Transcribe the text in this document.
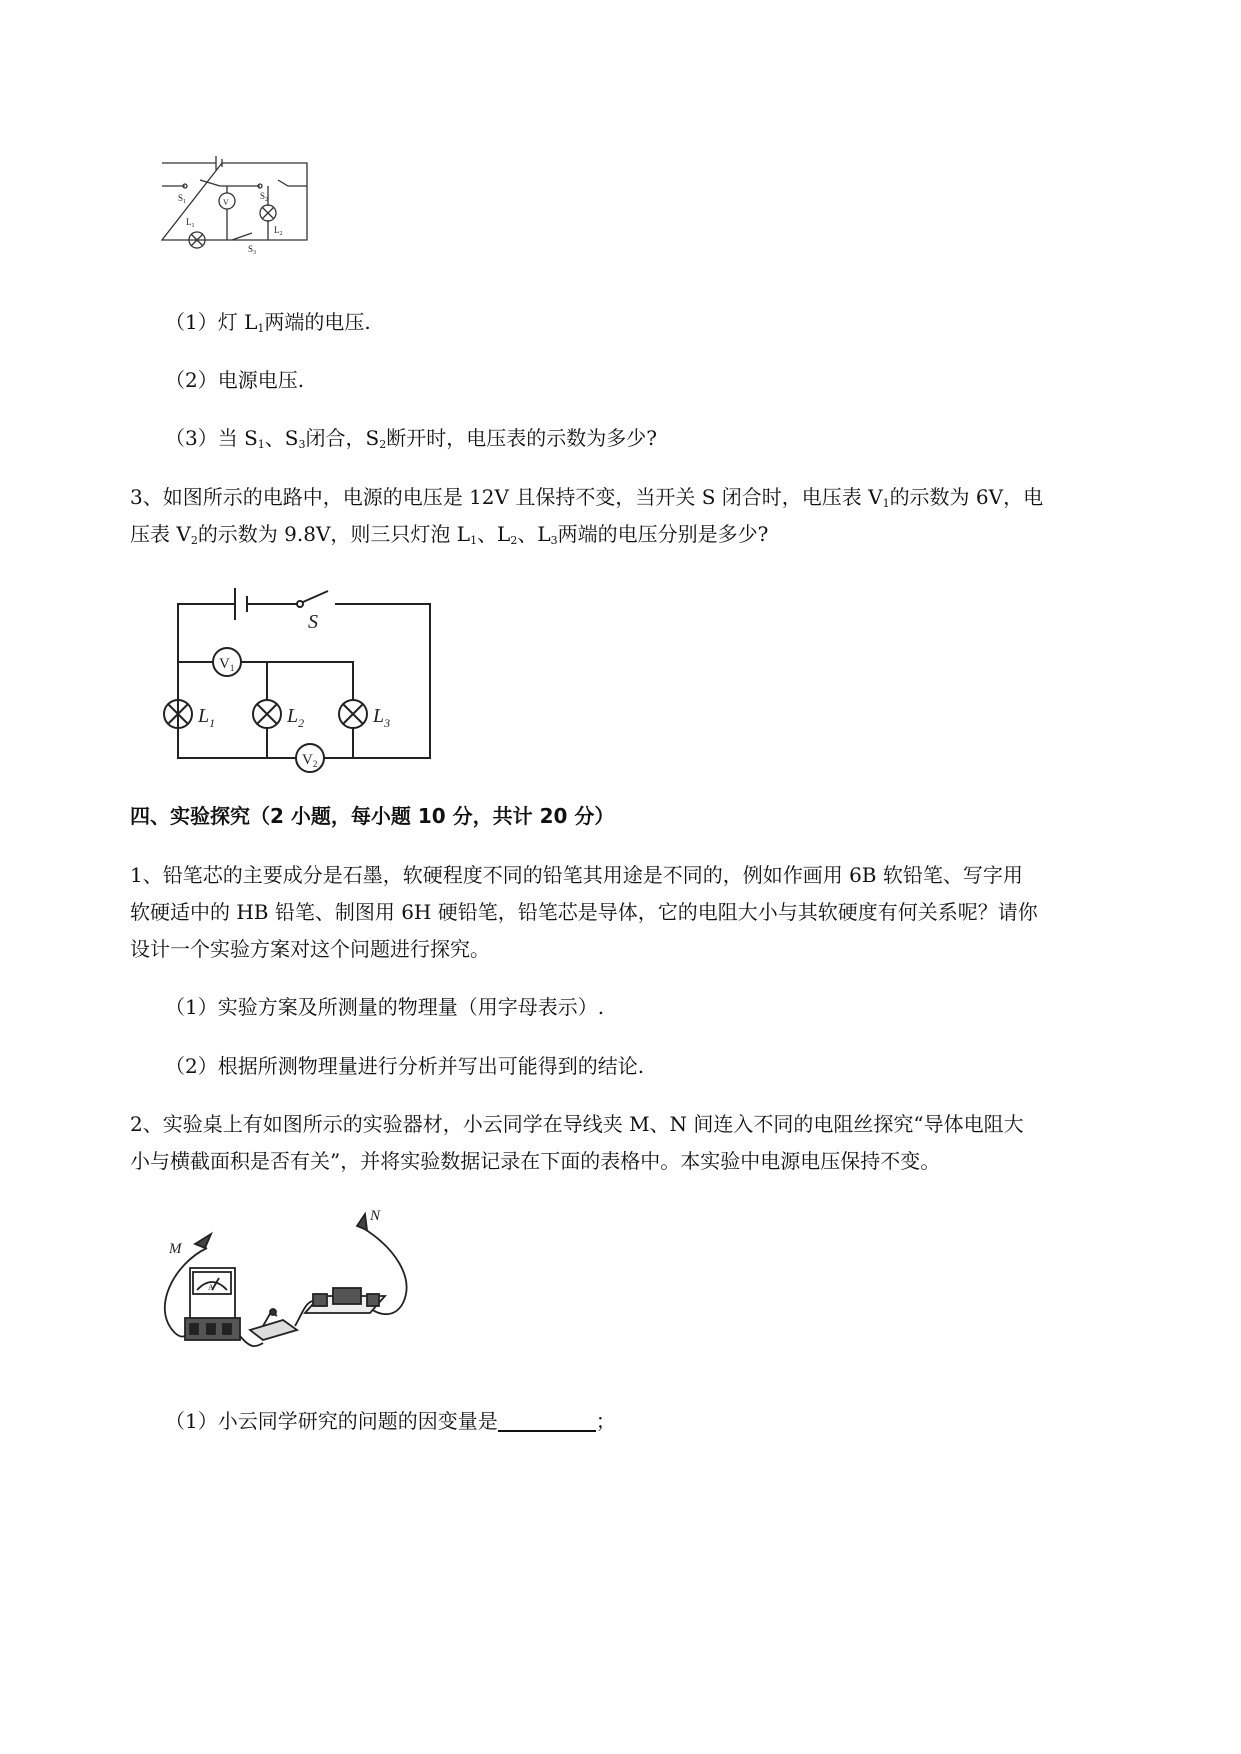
$S_1$
$S_2$
$L_1$	$L_2$
$S_3$
V
（1）灯 $L_1$两端的电压.
（2）电源电压.
（3）当 $S_1$、$S_3$闭合，$S_2$断开时，电压表的示数为多少?
3、如图所示的电路中，电源的电压是 12V 且保持不变，当开关 S 闭合时，电压表 $V_1$的示数为 6V，电
压表 $V_2$的示数为 9.8V，则三只灯泡 $L_1$、$L_2$、$L_3$两端的电压分别是多少?
S
$L_1$	$L_2$	$L_3$
$V_1$
$V_2$
四、实验探究（2 小题，每小题 10 分，共计 20 分）
1、铅笔芯的主要成分是石墨，软硬程度不同的铅笔其用途是不同的，例如作画用 6B 软铅笔、写字用
软硬适中的 HB 铅笔、制图用 6H 硬铅笔，铅笔芯是导体，它的电阻大小与其软硬度有何关系呢？请你
设计一个实验方案对这个问题进行探究。
（1）实验方案及所测量的物理量（用字母表示）.
（2）根据所测物理量进行分析并写出可能得到的结论.
2、实验桌上有如图所示的实验器材，小云同学在导线夹 M、N 间连入不同的电阻丝探究“导体电阻大
小与横截面积是否有关”，并将实验数据记录在下面的表格中。本实验中电源电压保持不变。
M
N
A
（1）小云同学研究的问题的因变量是	；
